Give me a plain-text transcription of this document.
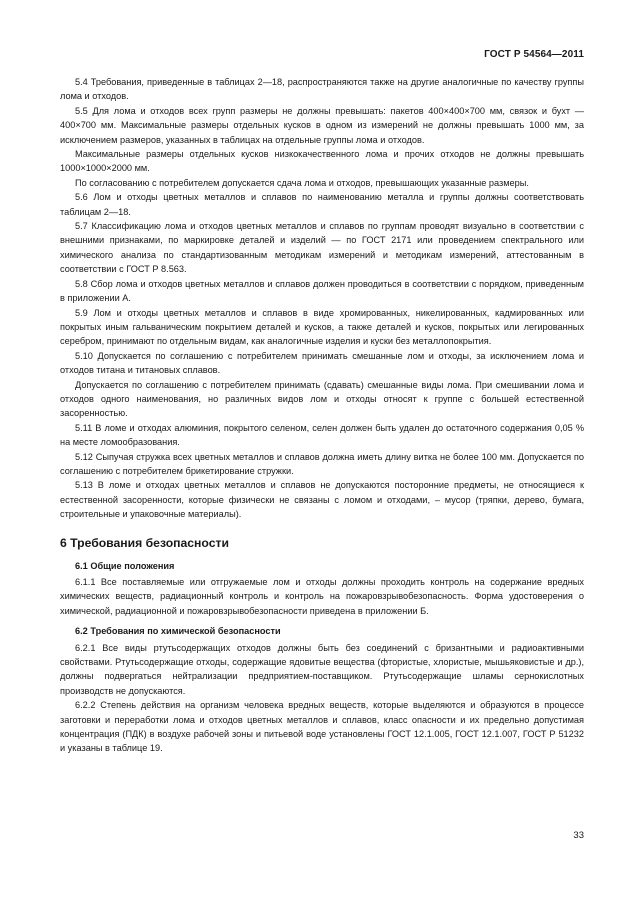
ГОСТ Р 54564—2011

5.4 Требования, приведенные в таблицах 2—18, распространяются также на другие аналогичные по качеству группы лома и отходов.

5.5 Для лома и отходов всех групп размеры не должны превышать: пакетов 400×400×700 мм, связок и бухт — 400×700 мм. Максимальные размеры отдельных кусков в одном из измерений не должны превышать 1000 мм, за исключением размеров, указанных в таблицах на отдельные группы лома и отходов.

Максимальные размеры отдельных кусков низкокачественного лома и прочих отходов не должны превышать 1000×1000×2000 мм.

По согласованию с потребителем допускается сдача лома и отходов, превышающих указанные размеры.

5.6 Лом и отходы цветных металлов и сплавов по наименованию металла и группы должны соответствовать таблицам 2—18.

5.7 Классификацию лома и отходов цветных металлов и сплавов по группам проводят визуально в соответствии с внешними признаками, по маркировке деталей и изделий — по ГОСТ 2171 или проведением спектрального или химического анализа по стандартизованным методикам измерений и методикам измерений, аттестованным в соответствии с ГОСТ Р 8.563.

5.8 Сбор лома и отходов цветных металлов и сплавов должен проводиться в соответствии с порядком, приведенным в приложении А.

5.9 Лом и отходы цветных металлов и сплавов в виде хромированных, никелированных, кадмированных или покрытых иным гальваническим покрытием деталей и кусков, а также деталей и кусков, покрытых или легированных серебром, принимают по отдельным видам, как аналогичные изделия и куски без металлопокрытия.

5.10 Допускается по соглашению с потребителем принимать смешанные лом и отходы, за исключением лома и отходов титана и титановых сплавов.

Допускается по соглашению с потребителем принимать (сдавать) смешанные виды лома. При смешивании лома и отходов одного наименования, но различных видов лом и отходы относят к группе с большей естественной засоренностью.

5.11 В ломе и отходах алюминия, покрытого селеном, селен должен быть удален до остаточного содержания 0,05 % на месте ломообразования.

5.12 Сыпучая стружка всех цветных металлов и сплавов должна иметь длину витка не более 100 мм. Допускается по соглашению с потребителем брикетирование стружки.

5.13 В ломе и отходах цветных металлов и сплавов не допускаются посторонние предметы, не относящиеся к естественной засоренности, которые физически не связаны с ломом и отходами, – мусор (тряпки, дерево, бумага, строительные и упаковочные материалы).

6 Требования безопасности
6.1 Общие положения

6.1.1 Все поставляемые или отгружаемые лом и отходы должны проходить контроль на содержание вредных химических веществ, радиационный контроль и контроль на пожаровзрывобезопасность. Форма удостоверения о химической, радиационной и пожаровзрывобезопасности приведена в приложении Б.

6.2 Требования по химической безопасности

6.2.1 Все виды ртутьсодержащих отходов должны быть без соединений с бризантными и радиоактивными свойствами. Ртутьсодержащие отходы, содержащие ядовитые вещества (фтористые, хлористые, мышьяковистые и др.), должны подвергаться нейтрализации предприятием-поставщиком. Ртутьсодержащие шламы сернокислотных производств не допускаются.

6.2.2 Степень действия на организм человека вредных веществ, которые выделяются и образуются в процессе заготовки и переработки лома и отходов цветных металлов и сплавов, класс опасности и их предельно допустимая концентрация (ПДК) в воздухе рабочей зоны и питьевой воде установлены ГОСТ 12.1.005, ГОСТ 12.1.007, ГОСТ Р 51232 и указаны в таблице 19.

33
